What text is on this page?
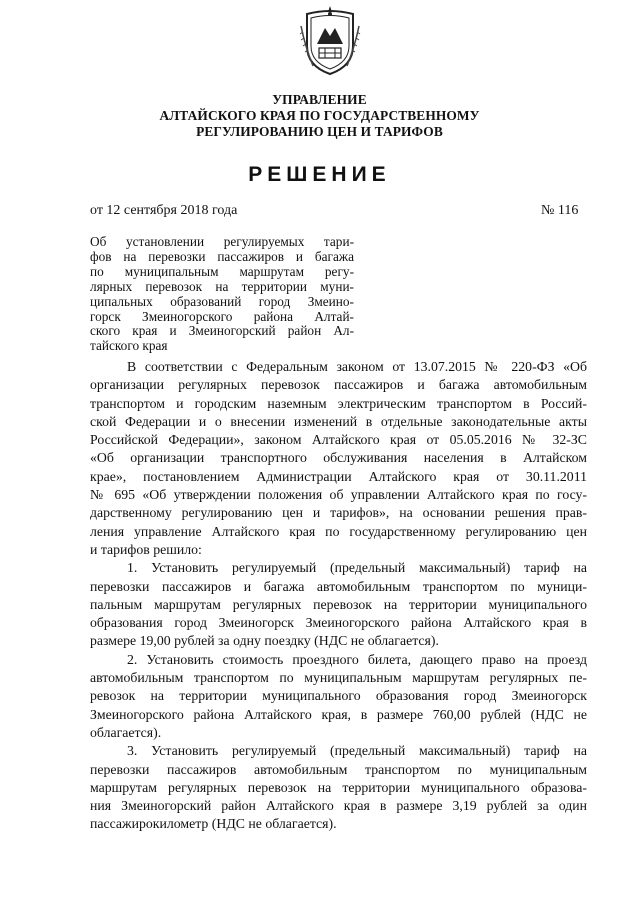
УПРАВЛЕНИЕ
АЛТАЙСКОГО КРАЯ ПО ГОСУДАРСТВЕННОМУ
РЕГУЛИРОВАНИЮ ЦЕН И ТАРИФОВ
РЕШЕНИЕ
от 12 сентября 2018 года	№ 116
Об установлении регулируемых тари-
фов на перевозки пассажиров и багажа
по муниципальным маршрутам регу-
лярных перевозок на территории муни-
ципальных образований город Змеино-
горск Змеиногорского района Алтай-
ского края и Змеиногорский район Ал-
тайского края
В соответствии с Федеральным законом от 13.07.2015 № 220-ФЗ «Об
организации регулярных перевозок пассажиров и багажа автомобильным
транспортом и городским наземным электрическим транспортом в Россий-
ской Федерации и о внесении изменений в отдельные законодательные акты
Российской Федерации», законом Алтайского края от 05.05.2016 № 32-ЗС
«Об организации транспортного обслуживания населения в Алтайском
крае», постановлением Администрации Алтайского края от 30.11.2011
№ 695 «Об утверждении положения об управлении Алтайского края по госу-
дарственному регулированию цен и тарифов», на основании решения прав-
ления управление Алтайского края по государственному регулированию цен
и тарифов решило:
1. Установить регулируемый (предельный максимальный) тариф на
перевозки пассажиров и багажа автомобильным транспортом по муници-
пальным маршрутам регулярных перевозок на территории муниципального
образования город Змеиногорск Змеиногорского района Алтайского края в
размере 19,00 рублей за одну поездку (НДС не облагается).
2. Установить стоимость проездного билета, дающего право на проезд
автомобильным транспортом по муниципальным маршрутам регулярных пе-
ревозок на территории муниципального образования город Змеиногорск
Змеиногорского района Алтайского края, в размере 760,00 рублей (НДС не
облагается).
3. Установить регулируемый (предельный максимальный) тариф на
перевозки пассажиров автомобильным транспортом по муниципальным
маршрутам регулярных перевозок на территории муниципального образова-
ния Змеиногорский район Алтайского края в размере 3,19 рублей за один
пассажирокилометр (НДС не облагается).
